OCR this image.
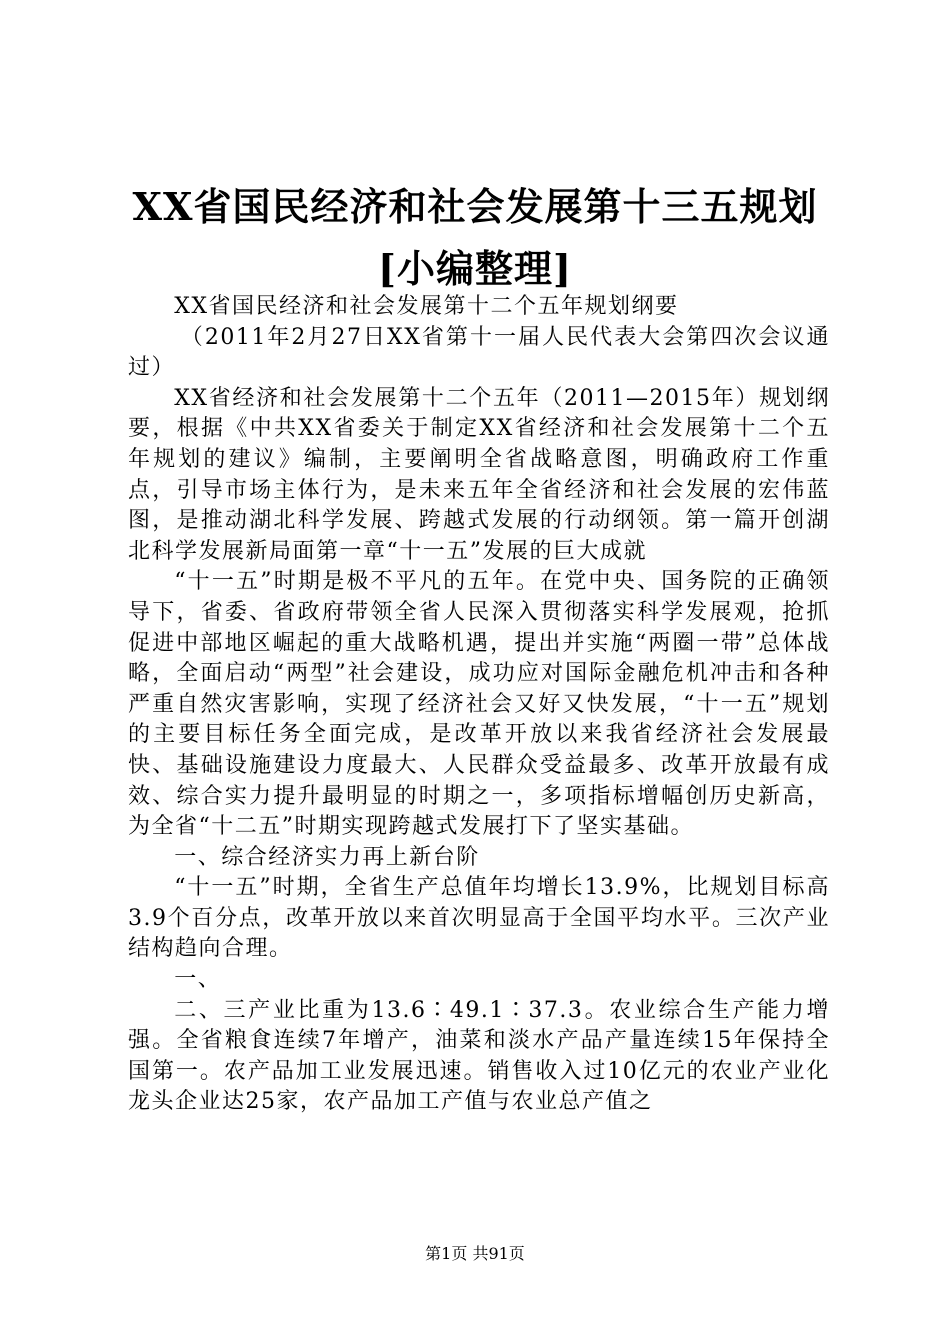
XX省国民经济和社会发展第十三五规划[小编整理]

XX省国民经济和社会发展第十二个五年规划纲要

（2011年2月27日XX省第十一届人民代表大会第四次会议通过）

XX省经济和社会发展第十二个五年（2011—2015年）规划纲要，根据《中共XX省委关于制定XX省经济和社会发展第十二个五年规划的建议》编制，主要阐明全省战略意图，明确政府工作重点，引导市场主体行为，是未来五年全省经济和社会发展的宏伟蓝图，是推动湖北科学发展、跨越式发展的行动纲领。第一篇开创湖北科学发展新局面第一章“十一五”发展的巨大成就

“十一五”时期是极不平凡的五年。在党中央、国务院的正确领导下，省委、省政府带领全省人民深入贯彻落实科学发展观，抢抓促进中部地区崛起的重大战略机遇，提出并实施“两圈一带”总体战略，全面启动“两型”社会建设，成功应对国际金融危机冲击和各种严重自然灾害影响，实现了经济社会又好又快发展，“十一五”规划的主要目标任务全面完成，是改革开放以来我省经济社会发展最快、基础设施建设力度最大、人民群众受益最多、改革开放最有成效、综合实力提升最明显的时期之一，多项指标增幅创历史新高，为全省“十二五”时期实现跨越式发展打下了坚实基础。

一、综合经济实力再上新台阶

“十一五”时期，全省生产总值年均增长13.9%，比规划目标高3.9个百分点，改革开放以来首次明显高于全国平均水平。三次产业结构趋向合理。

一、

二、三产业比重为13.6∶49.1∶37.3。农业综合生产能力增强。全省粮食连续7年增产，油菜和淡水产品产量连续15年保持全国第一。农产品加工业发展迅速。销售收入过10亿元的农业产业化龙头企业达25家，农产品加工产值与农业总产值之

第1页 共91页
